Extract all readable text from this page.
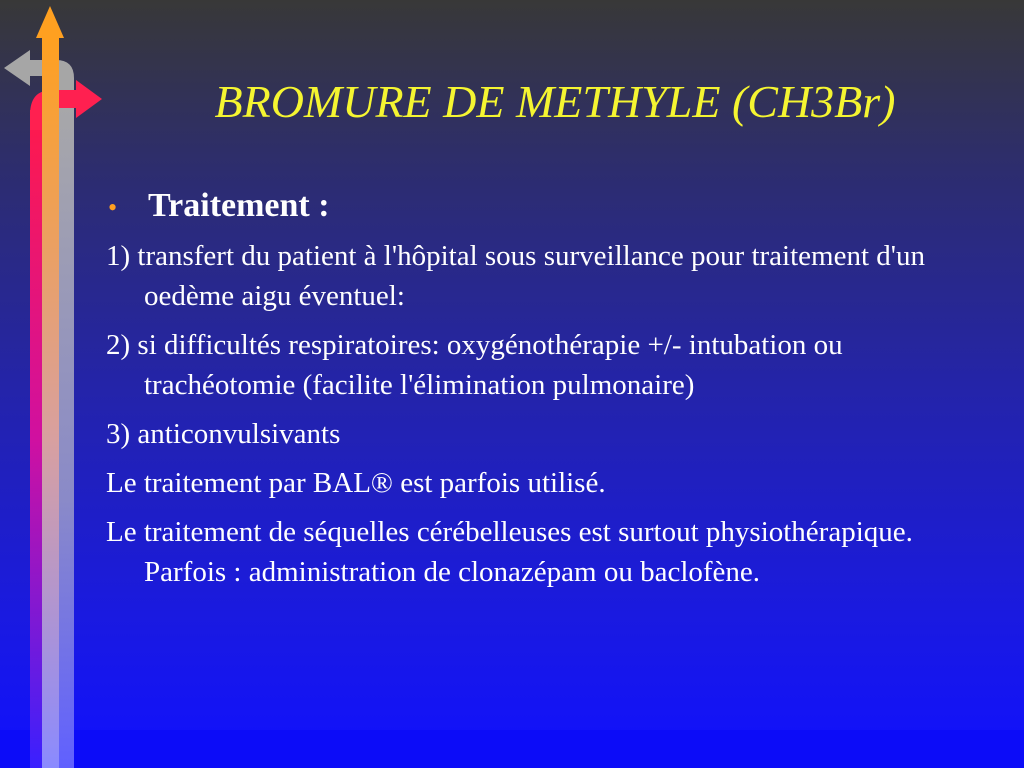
BROMURE DE METHYLE (CH3Br)
• Traitement :

1) transfert du patient à l'hôpital sous surveillance pour traitement d'un oedème aigu éventuel:

2) si difficultés respiratoires: oxygénothérapie +/- intubation ou trachéotomie (facilite l'élimination pulmonaire)

3) anticonvulsivants

Le traitement par BAL® est parfois utilisé.

Le traitement de séquelles cérébelleuses est surtout physiothérapique. Parfois : administration de clonazépam ou baclofène.
